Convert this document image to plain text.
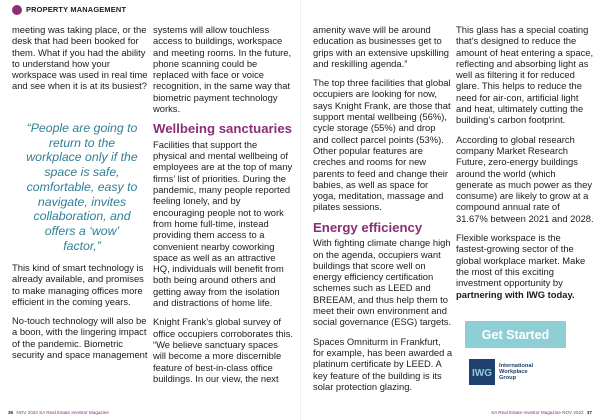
PROPERTY MANAGEMENT

meeting was taking place, or the desk that had been booked for them. What if you had the ability to understand how your workspace was used in real time and see when it is at its busiest?

“People are going to return to the workplace only if the space is safe, comfortable, easy to navigate, invites collaboration, and offers a ‘wow’ factor,”

This kind of smart technology is already available, and promises to make managing offices more efficient in the coming years.

No-touch technology will also be a boon, with the lingering impact of the pandemic. Biometric security and space management

systems will allow touchless access to buildings, workspace and meeting rooms. In the future, phone scanning could be replaced with face or voice recognition, in the same way that biometric payment technology works.

Wellbeing sanctuaries

Facilities that support the physical and mental wellbeing of employees are at the top of many firms’ list of priorities. During the pandemic, many people reported feeling lonely, and by encouraging people not to work from home full-time, instead providing them access to a convenient nearby coworking space as well as an attractive HQ, individuals will benefit from both being around others and getting away from the isolation and distractions of home life.

Knight Frank’s global survey of office occupiers corroborates this. “We believe sanctuary spaces will become a more discernible feature of best-in-class office buildings. In our view, the next

amenity wave will be around education as businesses get to grips with an extensive upskilling and reskilling agenda.”

The top three facilities that global occupiers are looking for now, says Knight Frank, are those that support mental wellbeing (56%), cycle storage (55%) and drop and collect parcel points (53%). Other popular features are creches and rooms for new parents to feed and change their babies, as well as space for yoga, meditation, massage and pilates sessions.

Energy efficiency

With fighting climate change high on the agenda, occupiers want buildings that score well on energy efficiency certification schemes such as LEED and BREEAM, and thus help them to meet their own environment and social governance (ESG) targets.

Spaces Omniturm in Frankfurt, for example, has been awarded a platinum certificate by LEED. A key feature of the building is its solar protection glazing.

This glass has a special coating that’s designed to reduce the amount of heat entering a space, reflecting and absorbing light as well as filtering it for reduced glare. This helps to reduce the need for air-con, artificial light and heat, ultimately cutting the building’s carbon footprint.

According to global research company Market Research Future, zero-energy buildings around the world (which generate as much power as they consume) are likely to grow at a compound annual rate of 31.67% between 2021 and 2028.

Flexible workspace is the fastest-growing sector of the global workplace market. Make the most of this exciting investment opportunity by partnering with IWG today.

Get Started
IWG
International
Workplace
Group
36 NOV 2022 SA Real Estate Investor Magazine	SA Real Estate Investor Magazine NOV 2022 37
